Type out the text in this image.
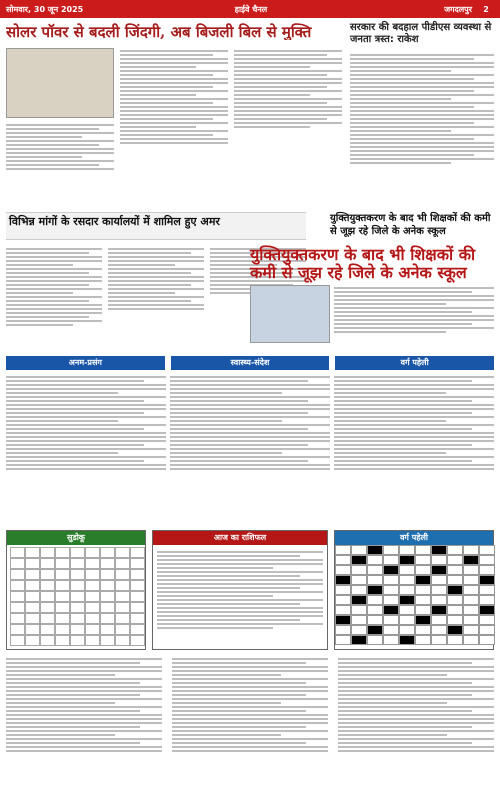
सोमवार, 30 जून 2025	हाईवे चैनल	जगदलपुर	2
सोलर पॉवर से बदली जिंदगी, अब बिजली बिल से मुक्ति	सरकार की बदहाल पीडीएस व्यवस्था से जनता त्रस्त: राकेश
विभिन्न मांगों के रसदार कार्यालयों में शामिल हुए अमर	युक्तियुक्तकरण के बाद भी शिक्षकों की कमी से जूझ रहे जिले के अनेक स्कूल
युक्तियुक्तकरण के बाद भी शिक्षकों की कमी से जूझ रहे जिले के अनेक स्कूल
अनम-प्रसंग	स्वास्थ्य-संदेश	वर्ग पहेली
सुडोकू	आज का राशिफल	वर्ग पहेली
